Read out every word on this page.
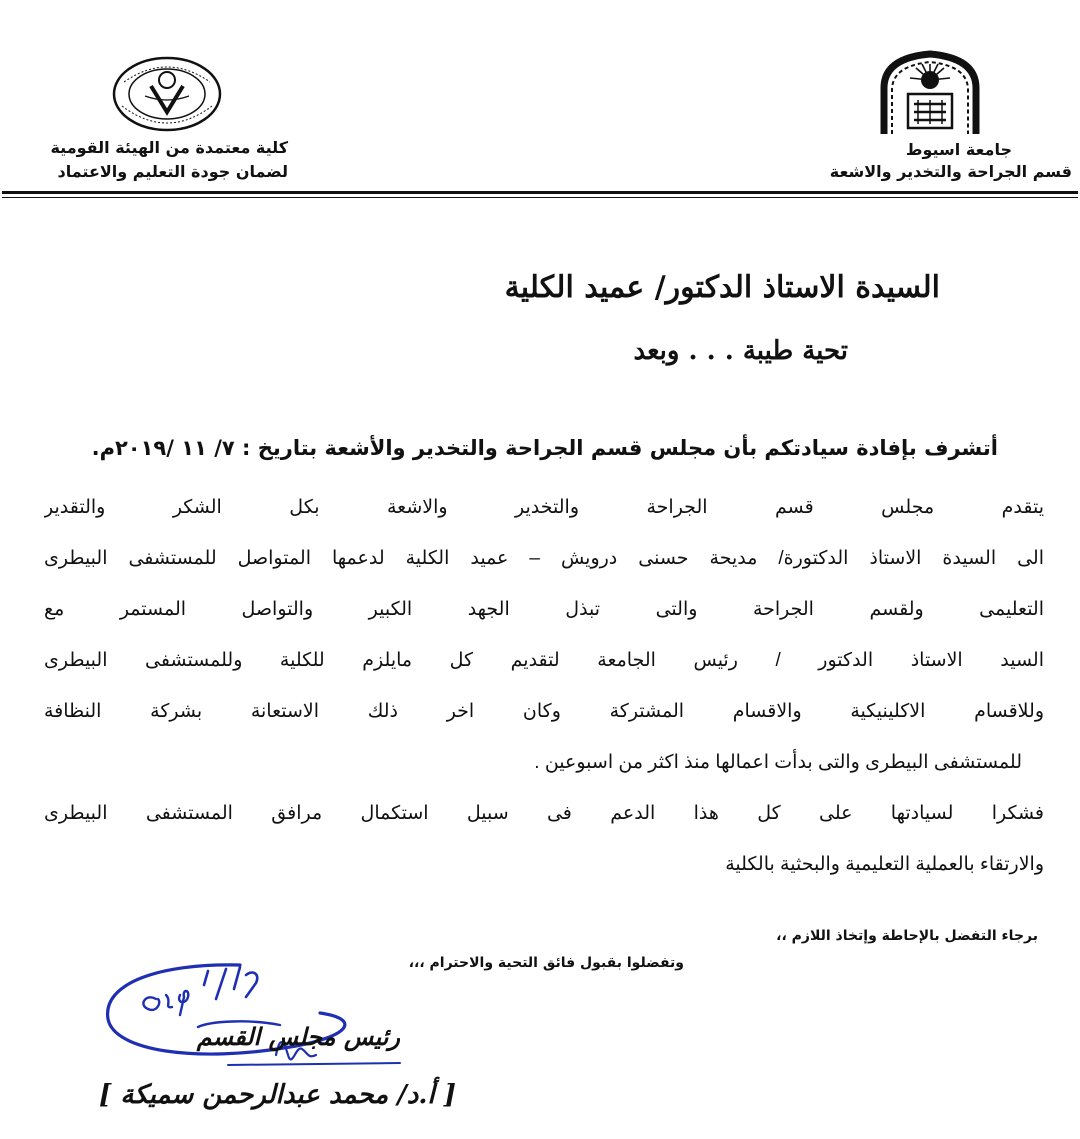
جامعة اسيوط
قسم الجراحة والتخدير والاشعة
كلية معتمدة من الهيئة القومية
لضمان جودة التعليم والاعتماد
السيدة الاستاذ الدكتور/ عميد الكلية
تحية طيبة . . . وبعد
أتشرف بإفادة سيادتكم بأن مجلس قسم الجراحة والتخدير والأشعة بتاريخ : ٧/ ١١ /٢٠١٩م.
يتقدم مجلس قسم الجراحة والتخدير والاشعة بكل الشكر والتقدير
الى السيدة الاستاذ الدكتورة/ مديحة حسنى درويش – عميد الكلية لدعمها المتواصل للمستشفى البيطرى
التعليمى ولقسم الجراحة والتى تبذل الجهد الكبير والتواصل المستمر مع
السيد الاستاذ الدكتور / رئيس الجامعة لتقديم كل مايلزم للكلية وللمستشفى البيطرى
وللاقسام الاكلينيكية والاقسام المشتركة وكان اخر ذلك الاستعانة بشركة النظافة
للمستشفى البيطرى والتى بدأت اعمالها منذ اكثر من اسبوعين .
فشكرا لسيادتها على كل هذا الدعم فى سبيل استكمال مرافق المستشفى البيطرى
والارتقاء بالعملية التعليمية والبحثية بالكلية
برجاء التفضل بالإحاطة وإتخاذ اللازم ،،
وتفضلوا بقبول فائق التحية والاحترام ،،،
رئيس مجلس القسم
[ أ.د/ محمد عبدالرحمن سميكة ]
